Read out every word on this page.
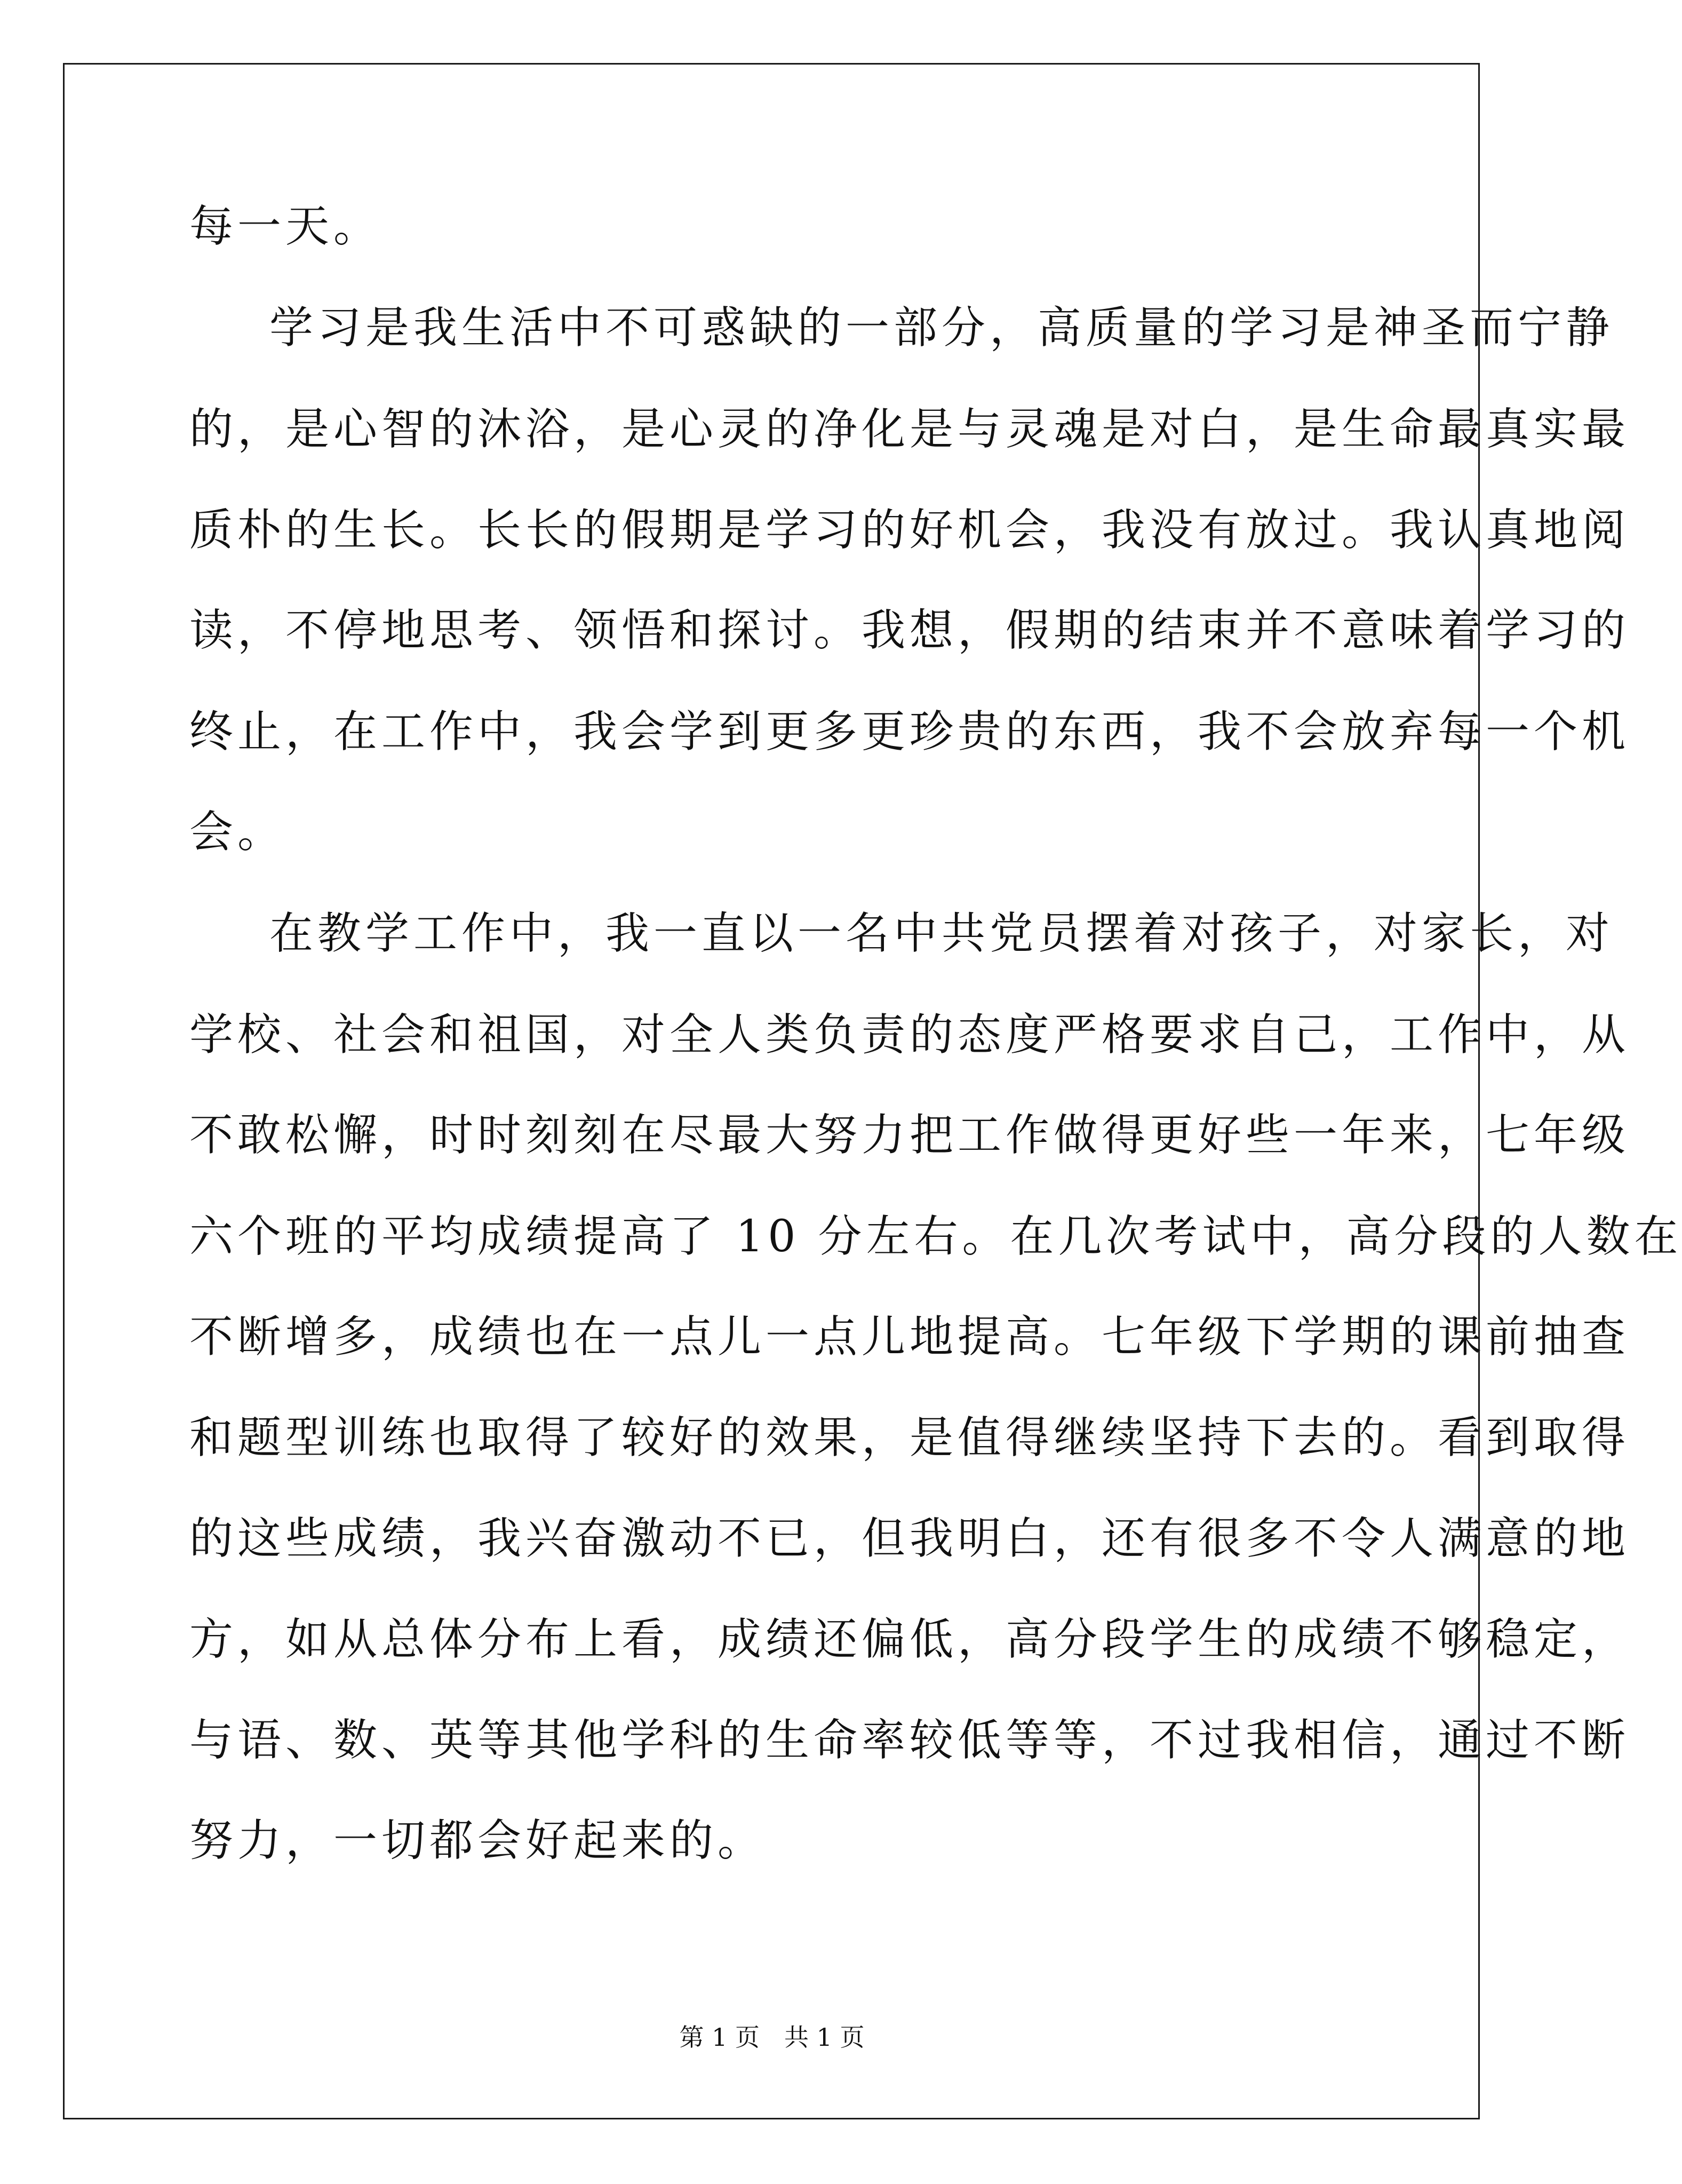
每一天。
学习是我生活中不可惑缺的一部分，高质量的学习是神圣而宁静
的，是心智的沐浴，是心灵的净化是与灵魂是对白，是生命最真实最
质朴的生长。长长的假期是学习的好机会，我没有放过。我认真地阅
读，不停地思考、领悟和探讨。我想，假期的结束并不意味着学习的
终止，在工作中，我会学到更多更珍贵的东西，我不会放弃每一个机
会。
在教学工作中，我一直以一名中共党员摆着对孩子，对家长，对
学校、社会和祖国，对全人类负责的态度严格要求自己，工作中，从
不敢松懈，时时刻刻在尽最大努力把工作做得更好些一年来，七年级
六个班的平均成绩提高了 10 分左右。在几次考试中，高分段的人数在
不断增多，成绩也在一点儿一点儿地提高。七年级下学期的课前抽查
和题型训练也取得了较好的效果，是值得继续坚持下去的。看到取得
的这些成绩，我兴奋激动不已，但我明白，还有很多不令人满意的地
方，如从总体分布上看，成绩还偏低，高分段学生的成绩不够稳定，
与语、数、英等其他学科的生命率较低等等，不过我相信，通过不断
努力，一切都会好起来的。
第 1 页　共 1 页
